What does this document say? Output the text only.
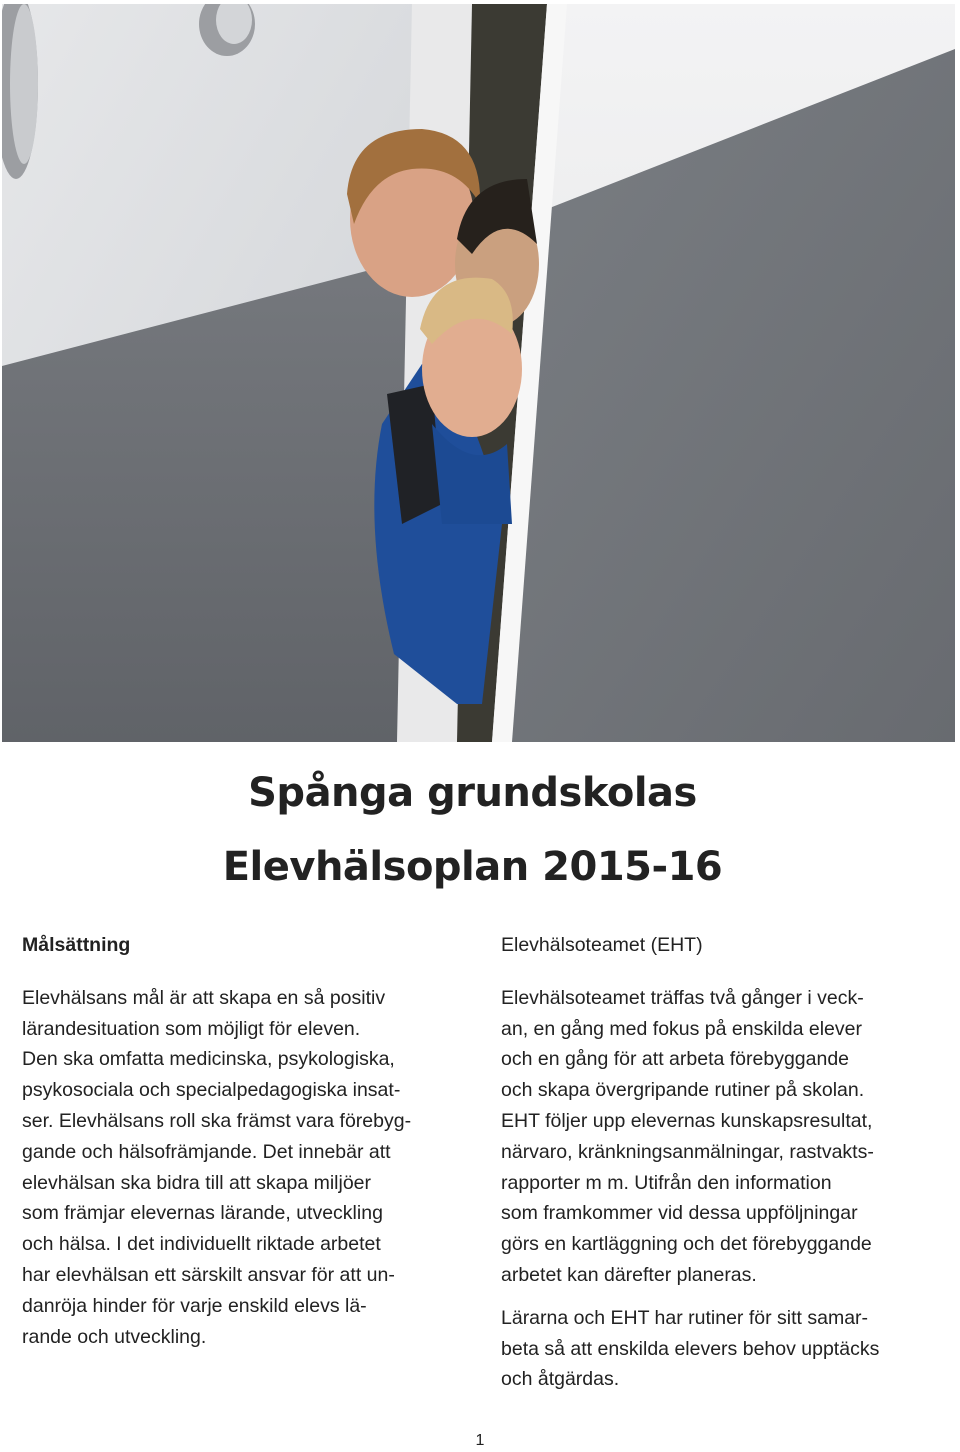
Spånga grundskolas
Elevhälsoplan 2015-16
Målsättning
Elevhälsans mål är att skapa en så positiv
lärandesituation som möjligt för eleven.
Den ska omfatta medicinska, psykologiska,
psykosociala och specialpedagogiska insat-
ser. Elevhälsans roll ska främst vara förebyg-
gande och hälsofrämjande. Det innebär att
elevhälsan ska bidra till att skapa miljöer
som främjar elevernas lärande, utveckling
och hälsa. I det individuellt riktade arbetet
har elevhälsan ett särskilt ansvar för att un-
danröja hinder för varje enskild elevs lä-
rande och utveckling.
Elevhälsoteamet (EHT)
Elevhälsoteamet träffas två gånger i veck-
an, en gång med fokus på enskilda elever
och en gång för att arbeta förebyggande
och skapa övergripande rutiner på skolan.
EHT följer upp elevernas kunskapsresultat,
närvaro, kränkningsanmälningar, rastvakts-
rapporter m m. Utifrån den information
som framkommer vid dessa uppföljningar
görs en kartläggning och det förebyggande
arbetet kan därefter planeras.
Lärarna och EHT har rutiner för sitt samar-
beta så att enskilda elevers behov upptäcks
och åtgärdas.
1
